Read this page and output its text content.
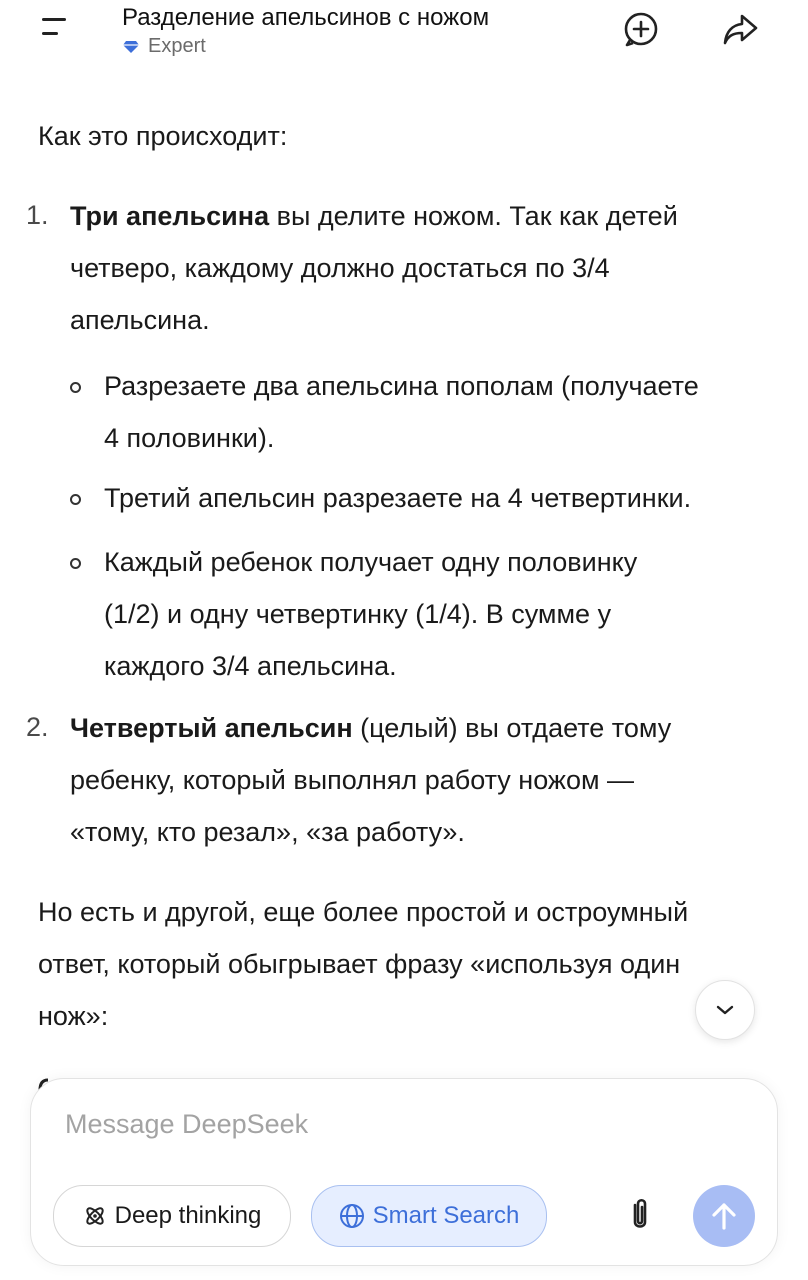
Разделение апельсинов с ножом
Expert
Как это происходит:
1. Три апельсина вы делите ножом. Так как детей
четверо, каждому должно достаться по 3/4
апельсина.
Разрезаете два апельсина пополам (получаете
4 половинки).
Третий апельсин разрезаете на 4 четвертинки.
Каждый ребенок получает одну половинку
(1/2) и одну четвертинку (1/4). В сумме у
каждого 3/4 апельсина.
2. Четвертый апельсин (целый) вы отдаете тому
ребенку, который выполнял работу ножом —
«тому, кто резал», «за работу».
Но есть и другой, еще более простой и остроумный
ответ, который обыгрывает фразу «используя один
нож»:
Message DeepSeek
Deep thinking	Smart Search
